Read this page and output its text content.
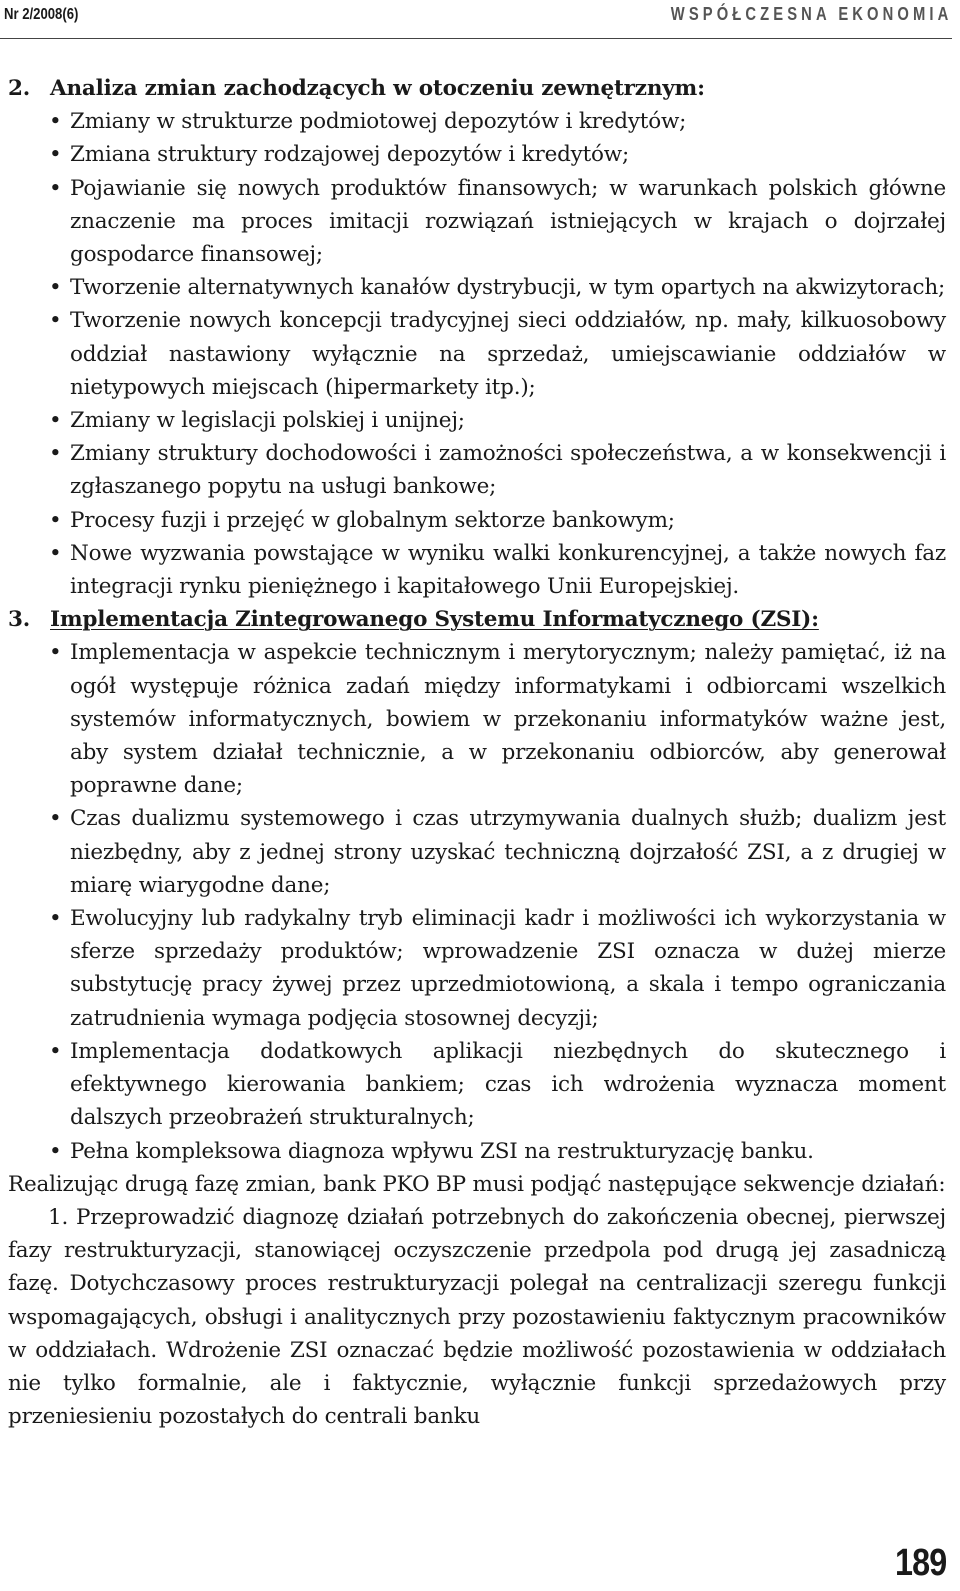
Nr 2/2008(6)	WSPÓŁCZESNA EKONOMIA

2. Analiza zmian zachodzących w otoczeniu zewnętrznym:

• Zmiany w strukturze podmiotowej depozytów i kredytów;
• Zmiana struktury rodzajowej depozytów i kredytów;
• Pojawianie się nowych produktów finansowych; w warunkach polskich główne znaczenie ma proces imitacji rozwiązań istniejących w krajach o dojrzałej gospodarce finansowej;
• Tworzenie alternatywnych kanałów dystrybucji, w tym opartych na akwizytorach;
• Tworzenie nowych koncepcji tradycyjnej sieci oddziałów, np. mały, kilkuosobowy oddział nastawiony wyłącznie na sprzedaż, umiejscawianie oddziałów w nietypowych miejscach (hipermarkety itp.);
• Zmiany w legislacji polskiej i unijnej;
• Zmiany struktury dochodowości i zamożności społeczeństwa, a w konsekwencji i zgłaszanego popytu na usługi bankowe;
• Procesy fuzji i przejęć w globalnym sektorze bankowym;
• Nowe wyzwania powstające w wyniku walki konkurencyjnej, a także nowych faz integracji rynku pieniężnego i kapitałowego Unii Europejskiej.

3. Implementacja Zintegrowanego Systemu Informatycznego (ZSI):

• Implementacja w aspekcie technicznym i merytorycznym; należy pamiętać, iż na ogół występuje różnica zadań między informatykami i odbiorcami wszelkich systemów informatycznych, bowiem w przekonaniu informatyków ważne jest, aby system działał technicznie, a w przekonaniu odbiorców, aby generował poprawne dane;
• Czas dualizmu systemowego i czas utrzymywania dualnych służb; dualizm jest niezbędny, aby z jednej strony uzyskać techniczną dojrzałość ZSI, a z drugiej w miarę wiarygodne dane;
• Ewolucyjny lub radykalny tryb eliminacji kadr i możliwości ich wykorzystania w sferze sprzedaży produktów; wprowadzenie ZSI oznacza w dużej mierze substytucję pracy żywej przez uprzedmiotowioną, a skala i tempo ograniczania zatrudnienia wymaga podjęcia stosownej decyzji;
• Implementacja dodatkowych aplikacji niezbędnych do skutecznego i efektywnego kierowania bankiem; czas ich wdrożenia wyznacza moment dalszych przeobrażeń strukturalnych;
• Pełna kompleksowa diagnoza wpływu ZSI na restrukturyzację banku.

Realizując drugą fazę zmian, bank PKO BP musi podjąć następujące sekwencje działań:

1. Przeprowadzić diagnozę działań potrzebnych do zakończenia obecnej, pierwszej fazy restrukturyzacji, stanowiącej oczyszczenie przedpola pod drugą jej zasadniczą fazę. Dotychczasowy proces restrukturyzacji polegał na centralizacji szeregu funkcji wspomagających, obsługi i analitycznych przy pozostawieniu faktycznym pracowników w oddziałach. Wdrożenie ZSI oznaczać będzie możliwość pozostawienia w oddziałach nie tylko formalnie, ale i faktycznie, wyłącznie funkcji sprzedażowych przy przeniesieniu pozostałych do centrali banku

189
